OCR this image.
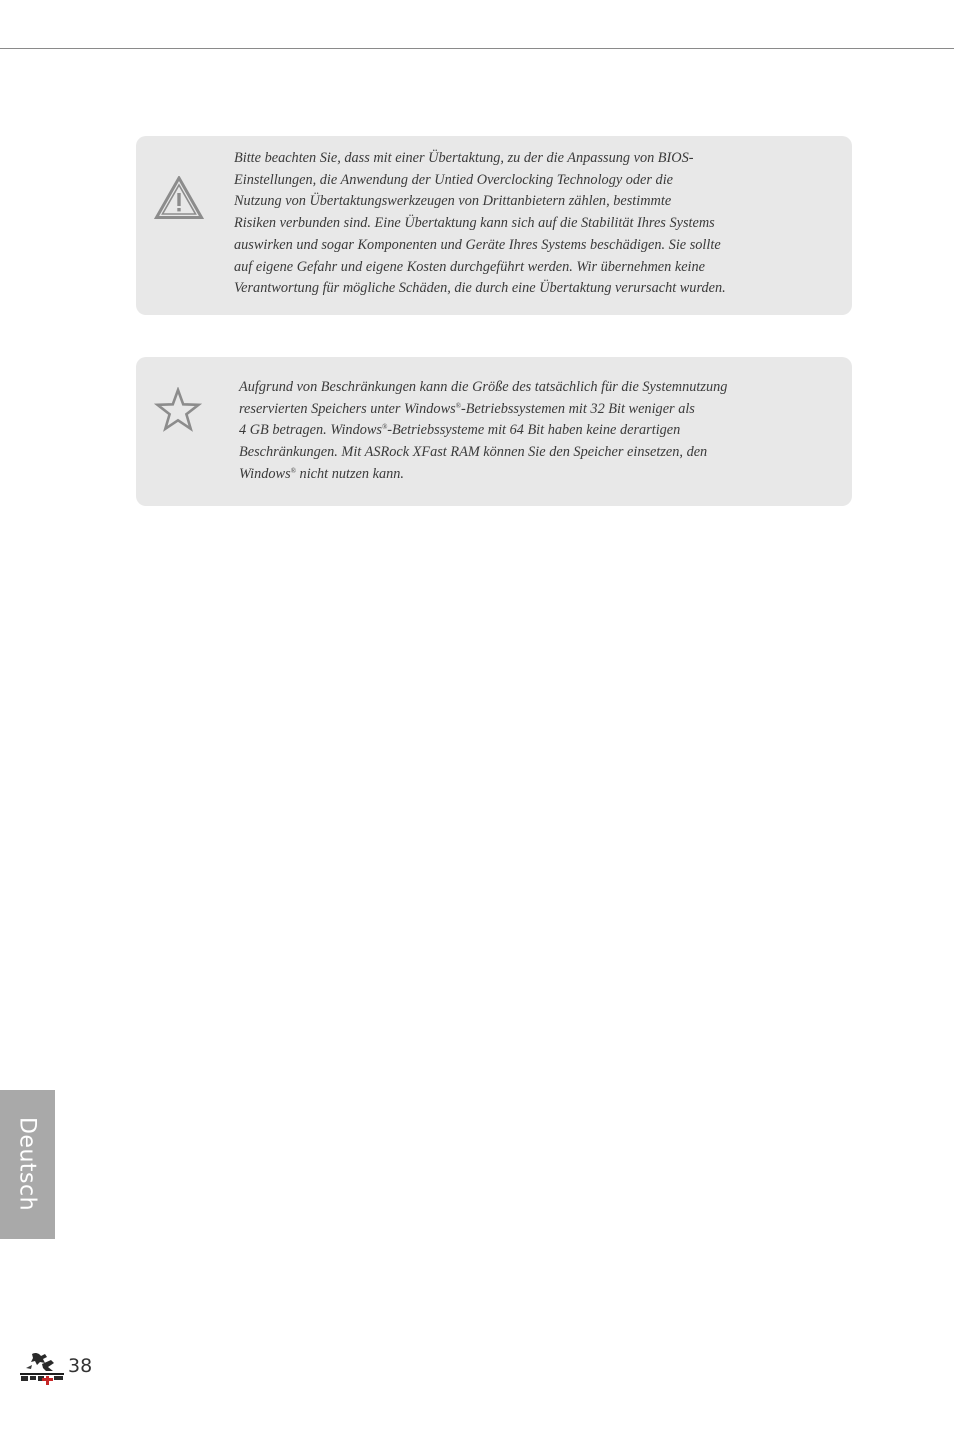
Bitte beachten Sie, dass mit einer Übertaktung, zu der die Anpassung von BIOS-
Einstellungen, die Anwendung der Untied Overclocking Technology oder die
Nutzung von Übertaktungswerkzeugen von Drittanbietern zählen, bestimmte
Risiken verbunden sind. Eine Übertaktung kann sich auf die Stabilität Ihres Systems
auswirken und sogar Komponenten und Geräte Ihres Systems beschädigen. Sie sollte
auf eigene Gefahr und eigene Kosten durchgeführt werden. Wir übernehmen keine
Verantwortung für mögliche Schäden, die durch eine Übertaktung verursacht wurden.
Aufgrund von Beschränkungen kann die Größe des tatsächlich für die Systemnutzung
reservierten Speichers unter Windows®-Betriebssystemen mit 32 Bit weniger als
4 GB betragen. Windows®-Betriebssysteme mit 64 Bit haben keine derartigen
Beschränkungen. Mit ASRock XFast RAM können Sie den Speicher einsetzen, den
Windows® nicht nutzen kann.
Deutsch
38
